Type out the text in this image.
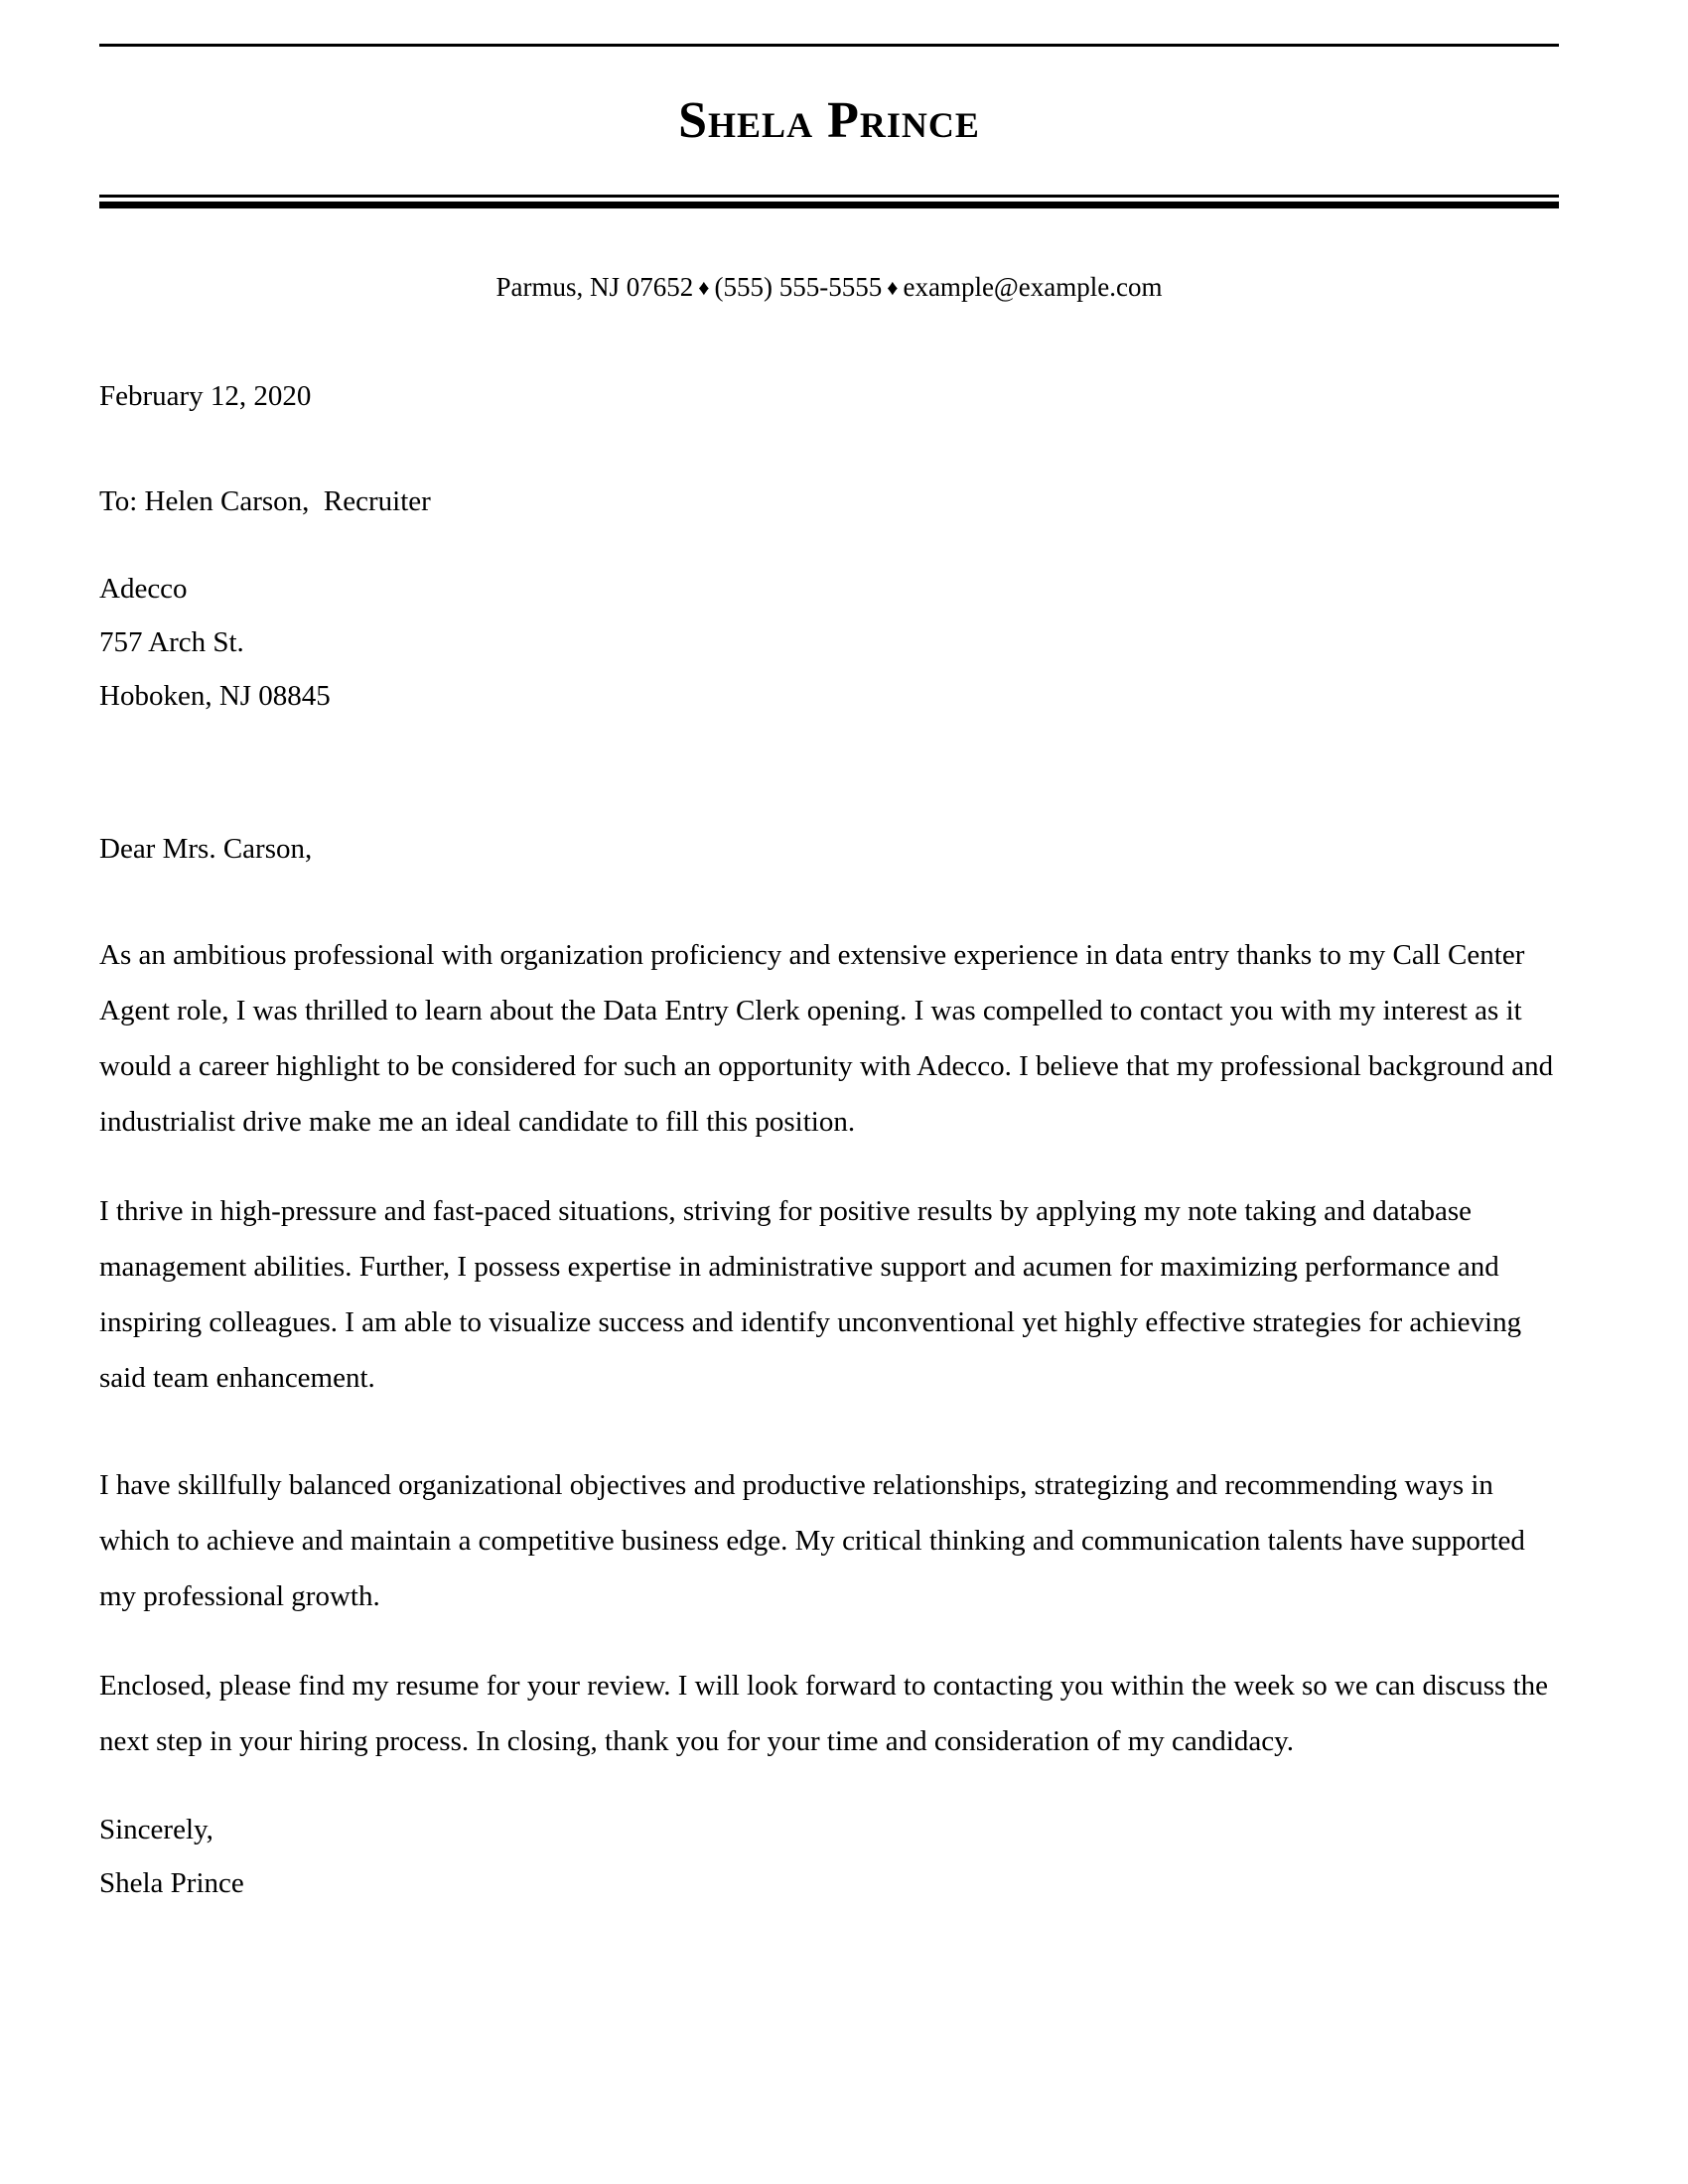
Shela Prince
Parmus, NJ 07652 ♦ (555) 555-5555 ♦ example@example.com
February 12, 2020
To: Helen Carson,  Recruiter
Adecco
757 Arch St.
Hoboken, NJ 08845
Dear Mrs. Carson,

As an ambitious professional with organization proficiency and extensive experience in data entry thanks to my Call Center Agent role, I was thrilled to learn about the Data Entry Clerk opening. I was compelled to contact you with my interest as it would a career highlight to be considered for such an opportunity with Adecco. I believe that my professional background and industrialist drive make me an ideal candidate to fill this position.

I thrive in high-pressure and fast-paced situations, striving for positive results by applying my note taking and database management abilities. Further, I possess expertise in administrative support and acumen for maximizing performance and inspiring colleagues. I am able to visualize success and identify unconventional yet highly effective strategies for achieving said team enhancement.

I have skillfully balanced organizational objectives and productive relationships, strategizing and recommending ways in which to achieve and maintain a competitive business edge. My critical thinking and communication talents have supported my professional growth.

Enclosed, please find my resume for your review. I will look forward to contacting you within the week so we can discuss the next step in your hiring process. In closing, thank you for your time and consideration of my candidacy.

Sincerely,
Shela Prince
